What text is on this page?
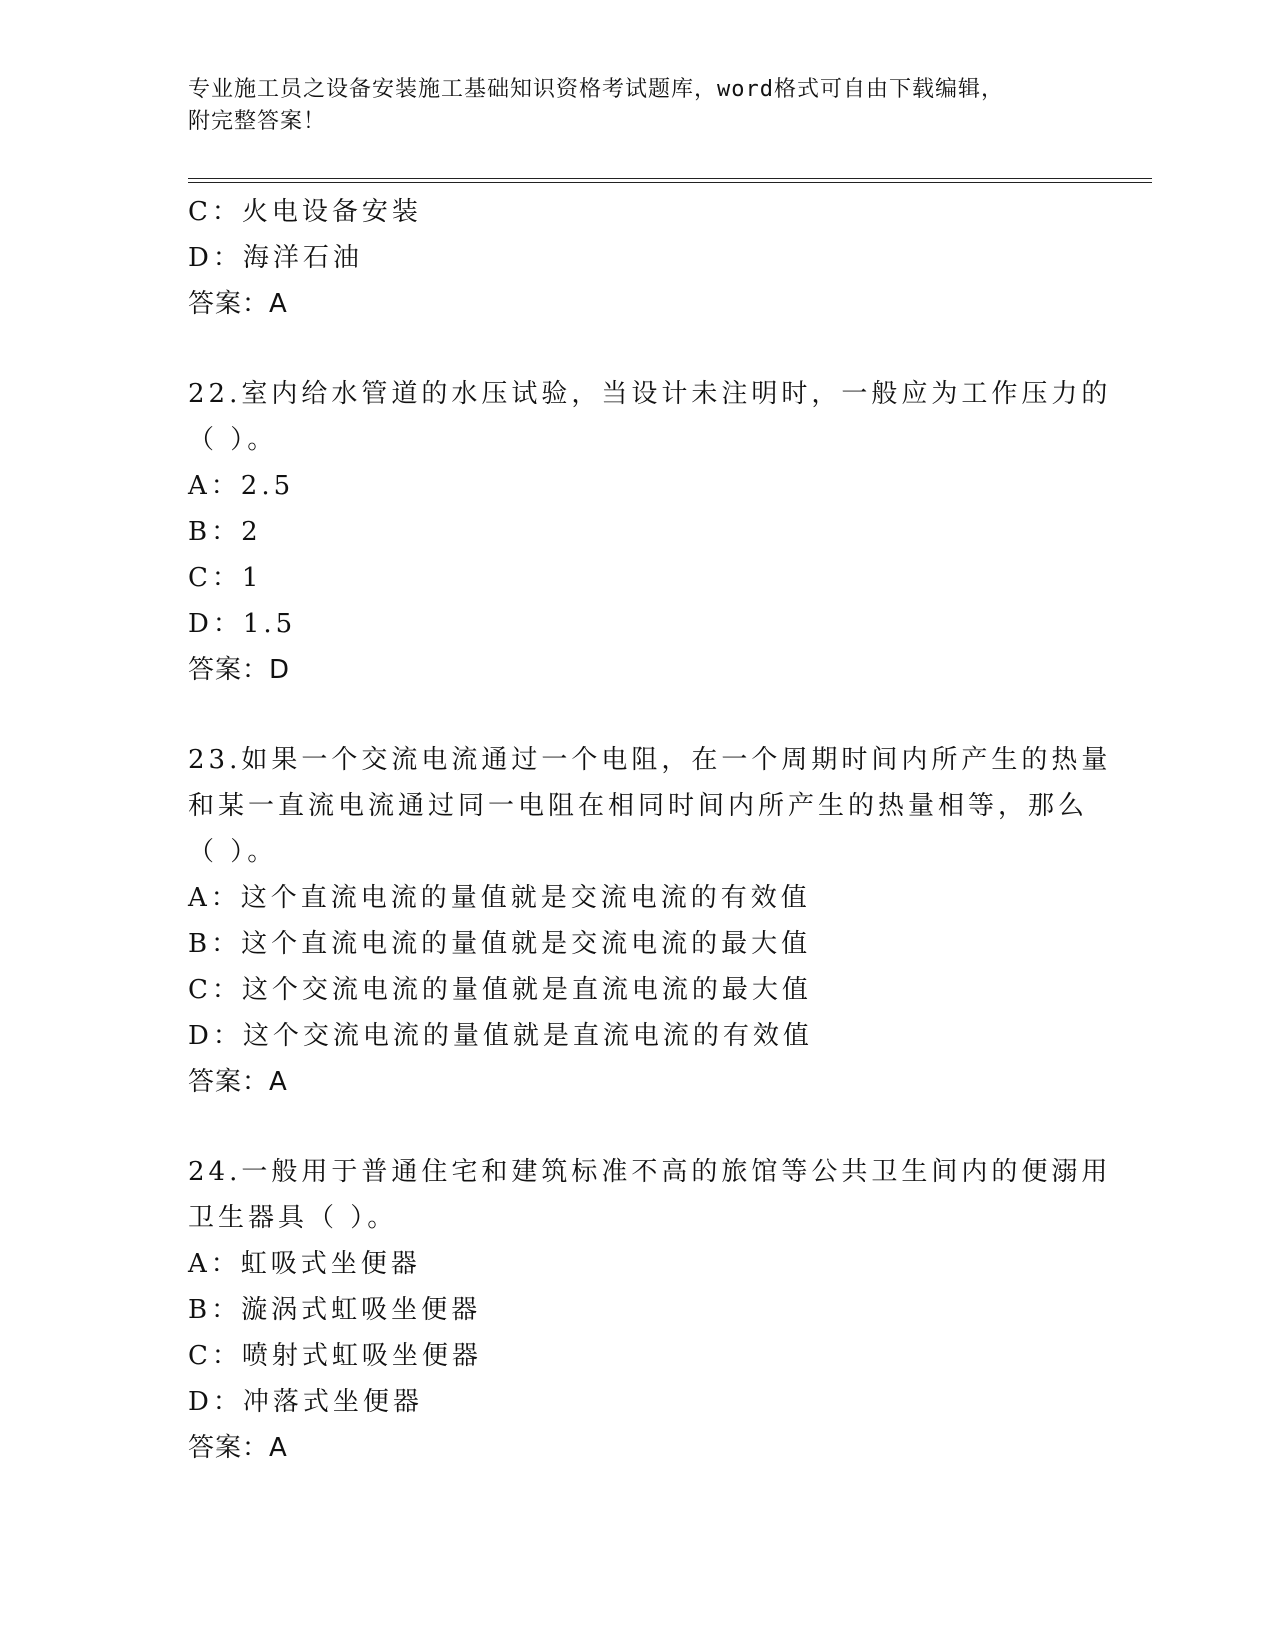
专业施工员之设备安装施工基础知识资格考试题库，word格式可自由下载编辑，
附完整答案！
C：火电设备安装
D：海洋石油
答案：A
22.室内给水管道的水压试验，当设计未注明时，一般应为工作压力的
（ ）。
A：2.5
B：2
C：1
D：1.5
答案：D
23.如果一个交流电流通过一个电阻，在一个周期时间内所产生的热量
和某一直流电流通过同一电阻在相同时间内所产生的热量相等，那么
（ ）。
A：这个直流电流的量值就是交流电流的有效值
B：这个直流电流的量值就是交流电流的最大值
C：这个交流电流的量值就是直流电流的最大值
D：这个交流电流的量值就是直流电流的有效值
答案：A
24.一般用于普通住宅和建筑标准不高的旅馆等公共卫生间内的便溺用
卫生器具（ ）。
A：虹吸式坐便器
B：漩涡式虹吸坐便器
C：喷射式虹吸坐便器
D：冲落式坐便器
答案：A
